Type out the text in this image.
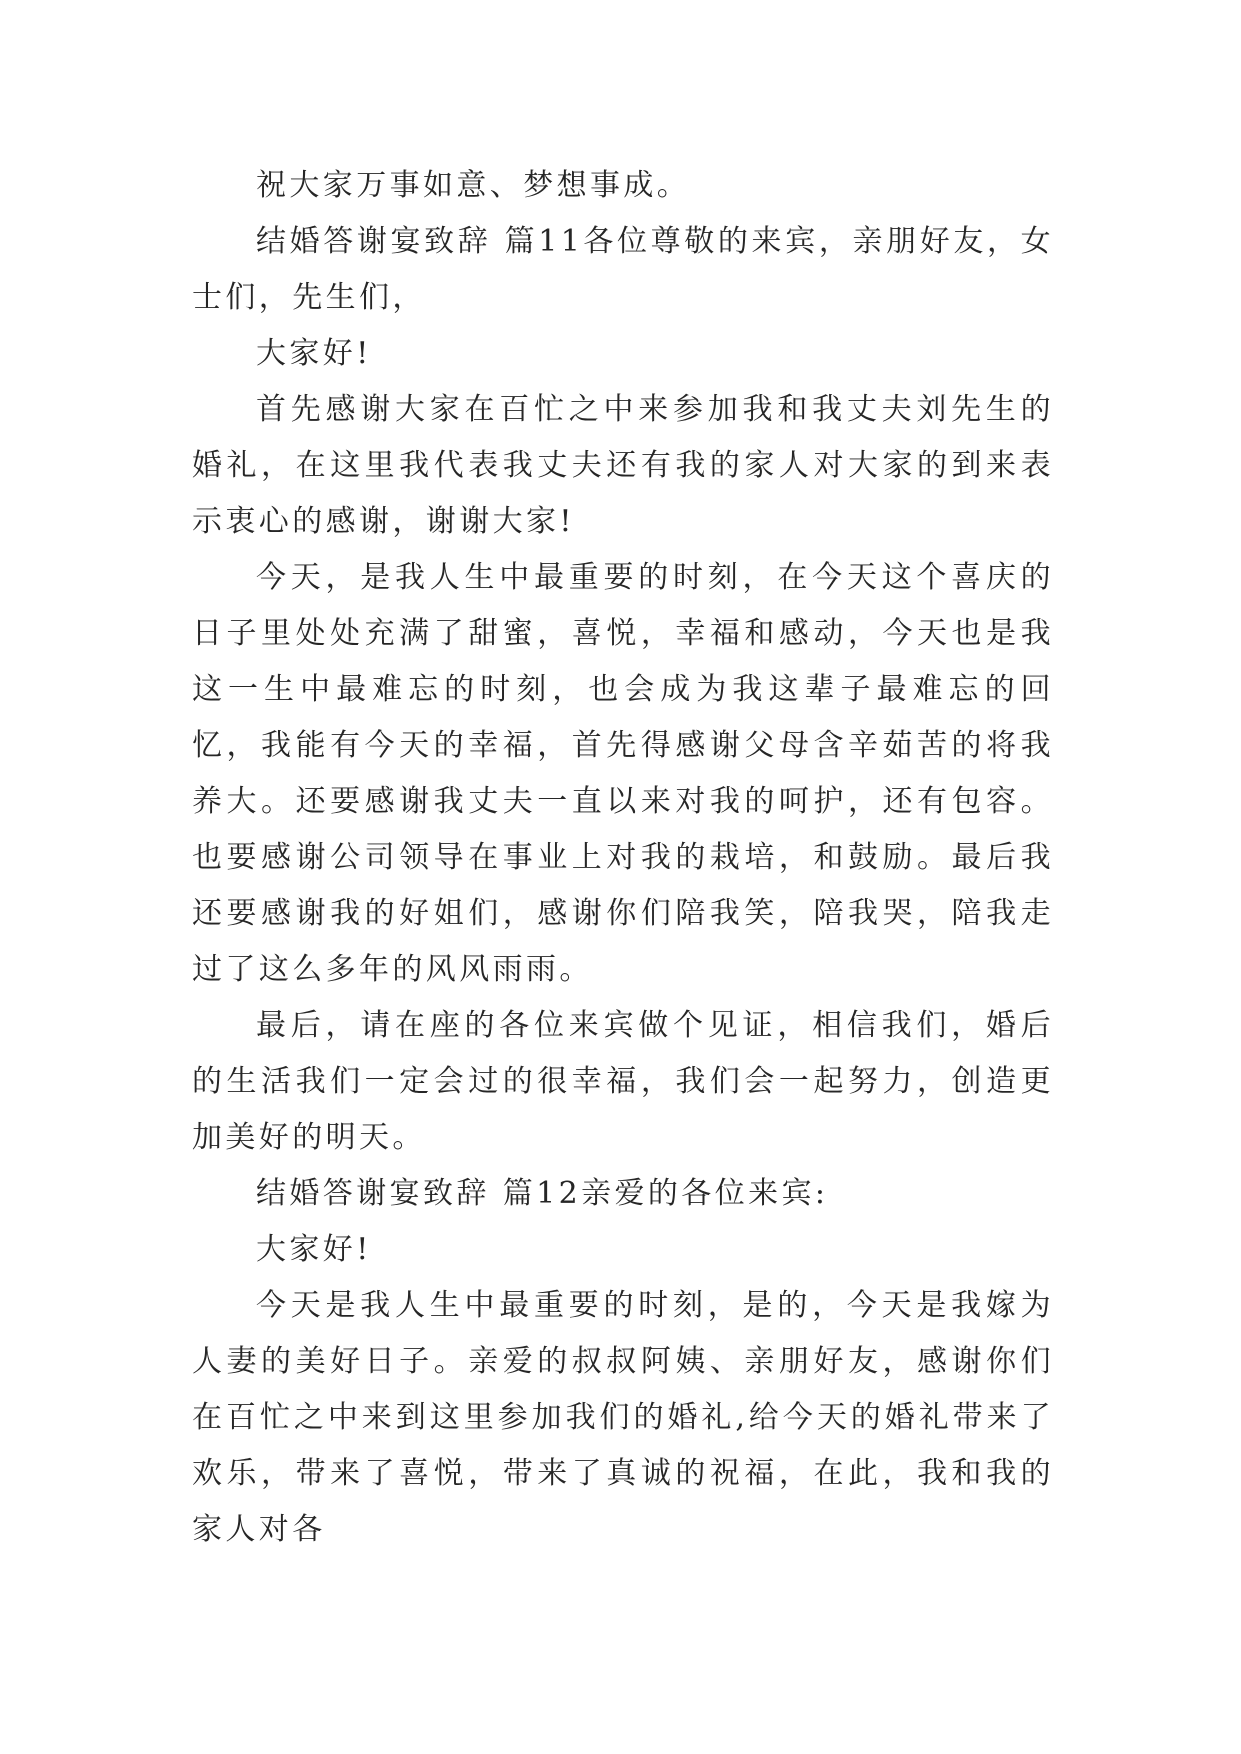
祝大家万事如意、梦想事成。

结婚答谢宴致辞 篇11各位尊敬的来宾，亲朋好友，女士们，先生们，

大家好!

首先感谢大家在百忙之中来参加我和我丈夫刘先生的婚礼，在这里我代表我丈夫还有我的家人对大家的到来表示衷心的感谢，谢谢大家!

今天，是我人生中最重要的时刻，在今天这个喜庆的日子里处处充满了甜蜜，喜悦，幸福和感动，今天也是我这一生中最难忘的时刻，也会成为我这辈子最难忘的回忆，我能有今天的幸福，首先得感谢父母含辛茹苦的将我养大。还要感谢我丈夫一直以来对我的呵护，还有包容。也要感谢公司领导在事业上对我的栽培，和鼓励。最后我还要感谢我的好姐们，感谢你们陪我笑，陪我哭，陪我走过了这么多年的风风雨雨。

最后，请在座的各位来宾做个见证，相信我们，婚后的生活我们一定会过的很幸福，我们会一起努力，创造更加美好的明天。

结婚答谢宴致辞 篇12亲爱的各位来宾:

大家好!

今天是我人生中最重要的时刻，是的，今天是我嫁为人妻的美好日子。亲爱的叔叔阿姨、亲朋好友，感谢你们在百忙之中来到这里参加我们的婚礼,给今天的婚礼带来了欢乐，带来了喜悦，带来了真诚的祝福，在此，我和我的家人对各
